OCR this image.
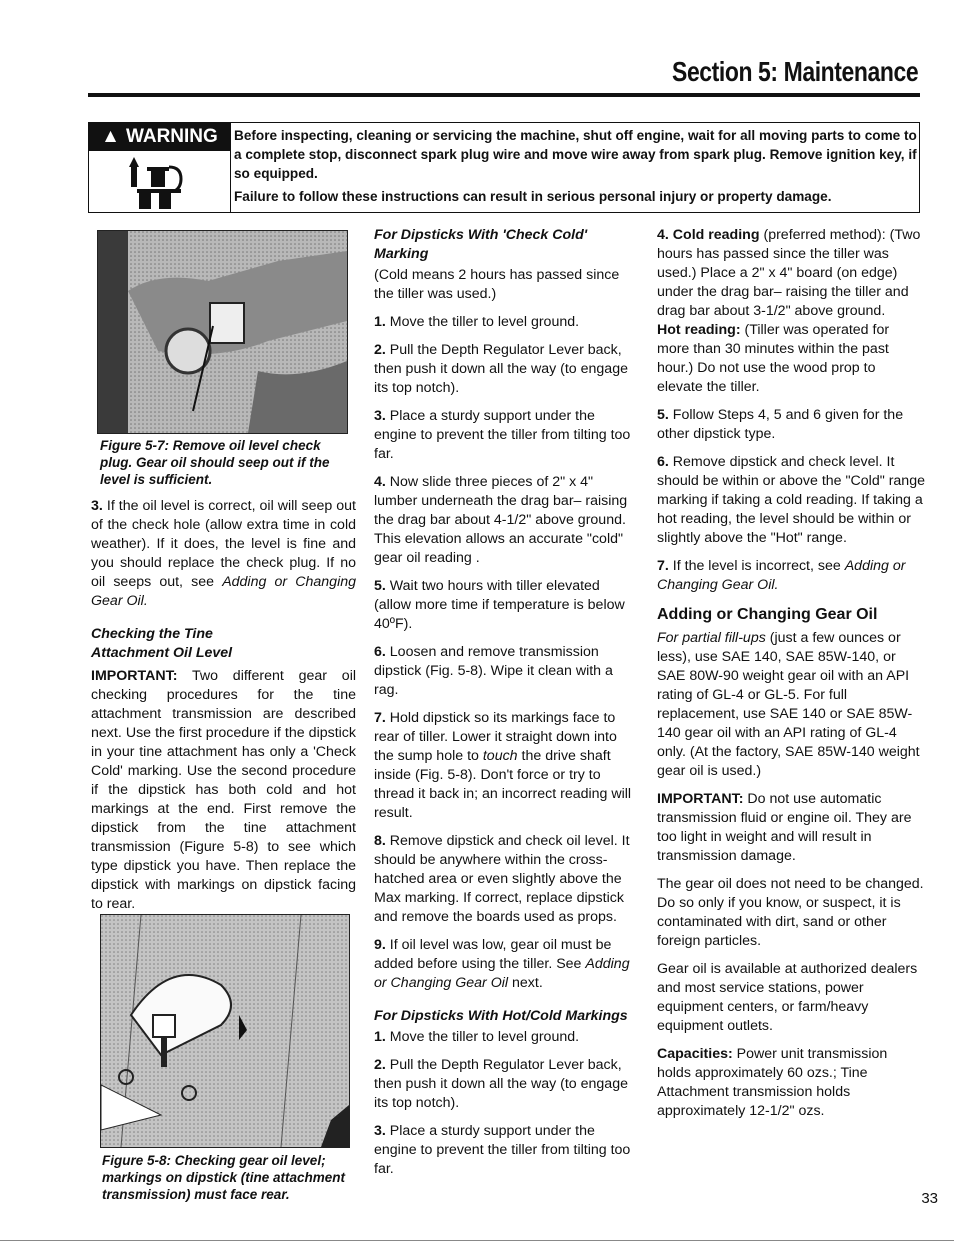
Section 5: Maintenance
▲ WARNING	Before inspecting, cleaning or servicing the machine, shut off engine, wait for all moving parts to come to a complete stop, disconnect spark plug wire and move wire away from spark plug. Remove ignition key, if so equipped.

Failure to follow these instructions can result in serious personal injury or property damage.

Figure 5-7: Remove oil level check plug. Gear oil should seep out if the level is sufficient.

3. If the oil level is correct, oil will seep out of the check hole (allow extra time in cold weather). If it does, the level is fine and you should replace the check plug. If no oil seeps out, see Adding or Changing Gear Oil.

Checking the Tine
Attachment Oil Level

IMPORTANT: Two different gear oil checking procedures for the tine attachment transmission are described next. Use the first procedure if the dipstick in your tine attachment has only a 'Check Cold' marking. Use the second procedure if the dipstick has both cold and hot markings at the end. First remove the dipstick from the tine attachment transmission (Figure 5-8) to see which type dipstick you have. Then replace the dipstick with markings on dipstick facing to rear.

Figure 5-8: Checking gear oil level; markings on dipstick (tine attachment transmission) must face rear.
For Dipsticks With 'Check Cold' Marking

(Cold means 2 hours has passed since the tiller was used.)

1. Move the tiller to level ground.

2. Pull the Depth Regulator Lever back, then push it down all the way (to engage its top notch).

3. Place a sturdy support under the engine to prevent the tiller from tilting too far.

4. Now slide three pieces of 2" x 4" lumber underneath the drag bar– raising the drag bar about 4-1/2" above ground. This elevation allows an accurate "cold" gear oil reading .

5. Wait two hours with tiller elevated (allow more time if temperature is below 40ºF).

6. Loosen and remove transmission dipstick (Fig. 5-8). Wipe it clean with a rag.

7. Hold dipstick so its markings face to rear of tiller. Lower it straight down into the sump hole to touch the drive shaft inside (Fig. 5-8). Don't force or try to thread it back in; an incorrect reading will result.

8. Remove dipstick and check oil level. It should be anywhere within the cross-hatched area or even slightly above the Max marking. If correct, replace dipstick and remove the boards used as props.

9. If oil level was low, gear oil must be added before using the tiller. See Adding or Changing Gear Oil next.

For Dipsticks With Hot/Cold Markings

1. Move the tiller to level ground.

2. Pull the Depth Regulator Lever back, then push it down all the way (to engage its top notch).

3. Place a sturdy support under the engine to prevent the tiller from tilting too far.

4. Cold reading (preferred method): (Two hours has passed since the tiller was used.) Place a 2" x 4" board (on edge) under the drag bar– raising the tiller and drag bar about 3-1/2" above ground.
Hot reading: (Tiller was operated for more than 30 minutes within the past hour.) Do not use the wood prop to elevate the tiller.

5. Follow Steps 4, 5 and 6 given for the other dipstick type.

6. Remove dipstick and check level. It should be within or above the "Cold" range marking if taking a cold reading. If taking a hot reading, the level should be within or slightly above the "Hot" range.

7. If the level is incorrect, see Adding or Changing Gear Oil.

Adding or Changing Gear Oil

For partial fill-ups (just a few ounces or less), use SAE 140, SAE 85W-140, or SAE 80W-90 weight gear oil with an API rating of GL-4 or GL-5. For full replacement, use SAE 140 or SAE 85W-140 gear oil with an API rating of GL-4 only. (At the factory, SAE 85W-140 weight gear oil is used.)

IMPORTANT: Do not use automatic transmission fluid or engine oil. They are too light in weight and will result in transmission damage.

The gear oil does not need to be changed. Do so only if you know, or suspect, it is contaminated with dirt, sand or other foreign particles.

Gear oil is available at authorized dealers and most service stations, power equipment centers, or farm/heavy equipment outlets.

Capacities: Power unit transmission holds approximately 60 ozs.; Tine Attachment transmission holds approximately 12-1/2" ozs.

33
